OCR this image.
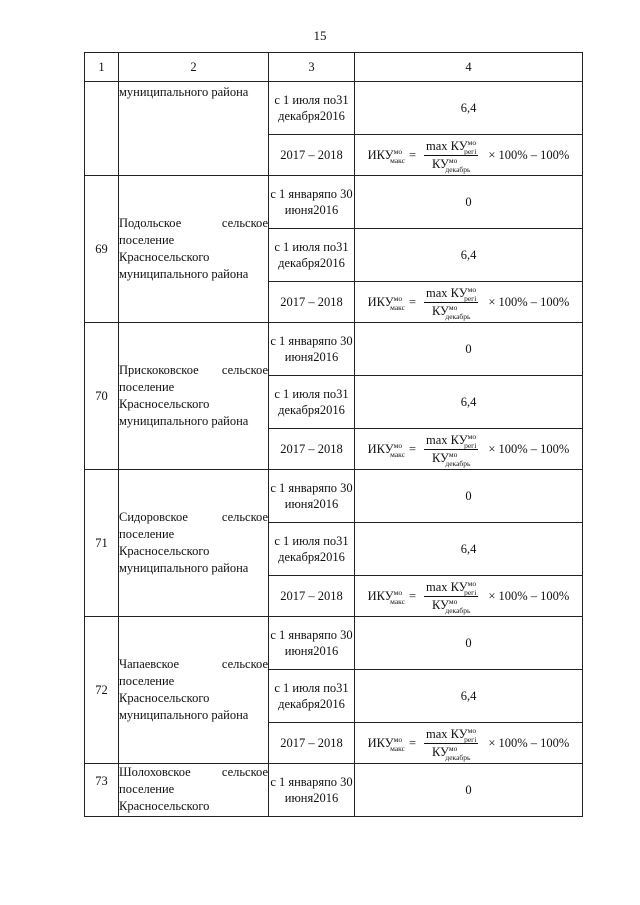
15
1	2	3	4

	муниципального района	с 1 июля по31 декабря2016	6,4
		2017 – 2018	$ИКУ^{мо}_{макс} = \frac{\max КУ^{мо}_{регі}}{КУ^{мо}_{декабрь}} \times 100\% - 100\%$

69	Подольское сельское
поселение
Красносельского
муниципального района	с 1 январяпо 30 июня2016	0
		с 1 июля по31 декабря2016	6,4
		2017 – 2018	$ИКУ^{мо}_{макс} = \frac{\max КУ^{мо}_{регі}}{КУ^{мо}_{декабрь}} \times 100\% - 100\%$

70	Прискоковское сельское
поселение
Красносельского
муниципального района	с 1 январяпо 30 июня2016	0
		с 1 июля по31 декабря2016	6,4
		2017 – 2018	$ИКУ^{мо}_{макс} = \frac{\max КУ^{мо}_{регі}}{КУ^{мо}_{декабрь}} \times 100\% - 100\%$

71	Сидоровское сельское
поселение
Красносельского
муниципального района	с 1 январяпо 30 июня2016	0
		с 1 июля по31 декабря2016	6,4
		2017 – 2018	$ИКУ^{мо}_{макс} = \frac{\max КУ^{мо}_{регі}}{КУ^{мо}_{декабрь}} \times 100\% - 100\%$

72	Чапаевское сельское
поселение
Красносельского
муниципального района	с 1 январяпо 30 июня2016	0
		с 1 июля по31 декабря2016	6,4
		2017 – 2018	$ИКУ^{мо}_{макс} = \frac{\max КУ^{мо}_{регі}}{КУ^{мо}_{декабрь}} \times 100\% - 100\%$

73	Шолоховское сельское
поселение
Красносельского	с 1 январяпо 30 июня2016	0
